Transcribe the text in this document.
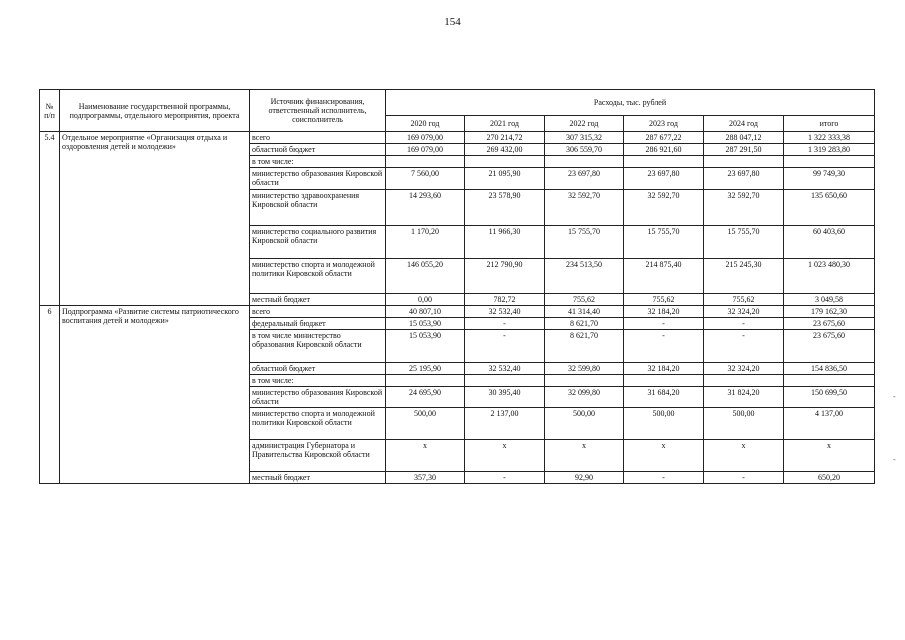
154
№ п/п	Наименование государственной программы, подпрограммы, отдельного мероприятия, проекта	Источник финансирования, ответственный исполнитель, соисполнитель	Расходы, тыс. рублей					
			2020 год	2021 год	2022 год	2023 год	2024 год	итого
5.4	Отдельное мероприятие «Организация отдыха и оздоровления детей и молодежи»	всего	169 079,00	270 214,72	307 315,32	287 677,22	288 047,12	1 322 333,38
		областной бюджет	169 079,00	269 432,00	306 559,70	286 921,60	287 291,50	1 319 283,80
		в том числе:						
		министерство образования Кировской области	7 560,00	21 095,90	23 697,80	23 697,80	23 697,80	99 749,30
		министерство здравоохранения Кировской области	14 293,60	23 578,90	32 592,70	32 592,70	32 592,70	135 650,60
		министерство социального развития Кировской области	1 170,20	11 966,30	15 755,70	15 755,70	15 755,70	60 403,60
		министерство спорта и молодежной политики Кировской области	146 055,20	212 790,90	234 513,50	214 875,40	215 245,30	1 023 480,30
		местный бюджет	0,00	782,72	755,62	755,62	755,62	3 049,58
6	Подпрограмма «Развитие системы патриотического воспитания детей и молодежи»	всего	40 807,10	32 532,40	41 314,40	32 184,20	32 324,20	179 162,30
		федеральный бюджет	15 053,90	-	8 621,70	-	-	23 675,60
		в том числе министерство образования Кировской области	15 053,90	-	8 621,70	-	-	23 675,60
		областной бюджет	25 195,90	32 532,40	32 599,80	32 184,20	32 324,20	154 836,50
		в том числе:						
		министерство образования Кировской области	24 695,90	30 395,40	32 099,80	31 684,20	31 824,20	150 699,50
		министерство спорта и молодежной политики Кировской области	500,00	2 137,00	500,00	500,00	500,00	4 137,00
		администрация Губернатора и Правительства Кировской области	x	x	x	x	x	x
		местный бюджет	357,30	-	92,90	-	-	650,20
-
-
